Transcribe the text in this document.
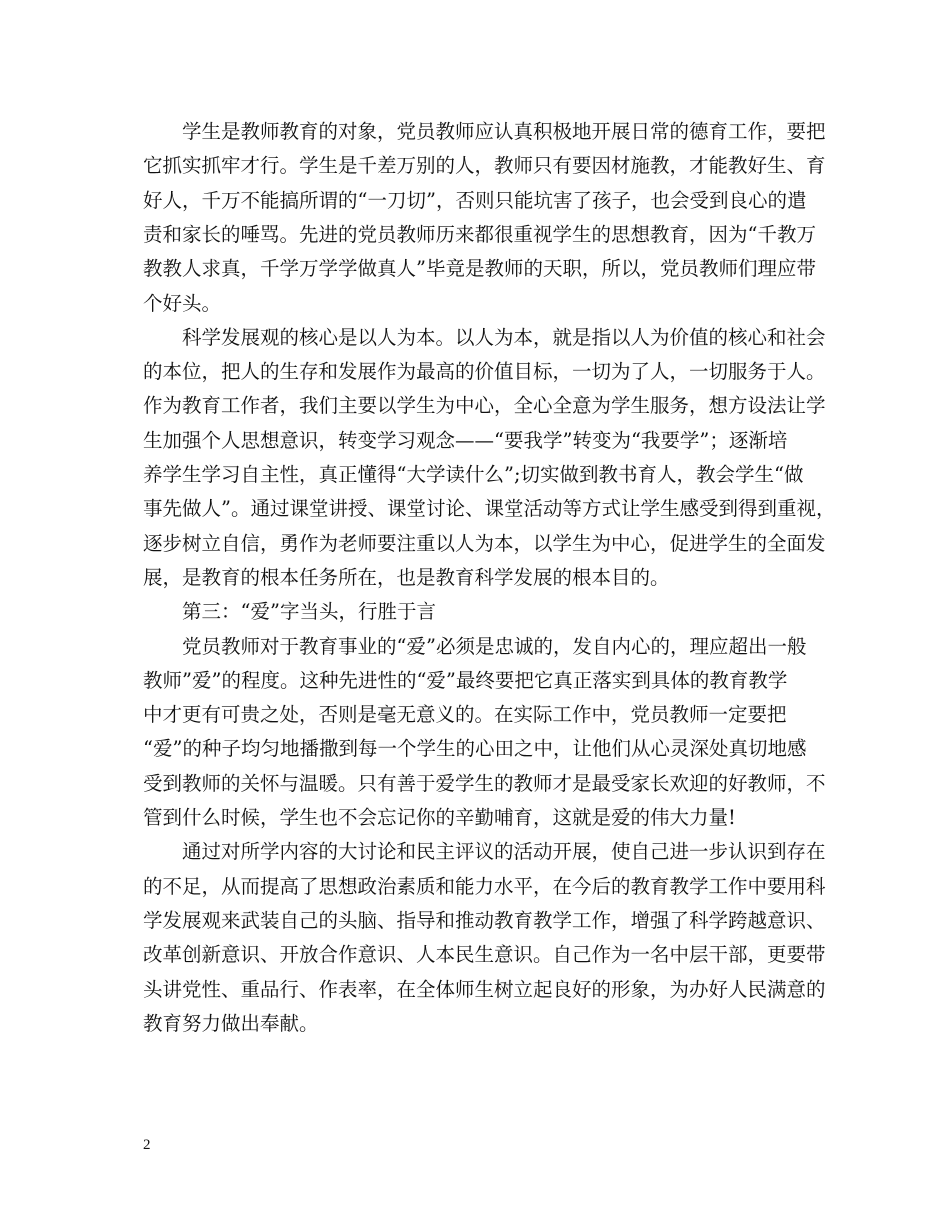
　　学生是教师教育的对象，党员教师应认真积极地开展日常的德育工作，要把
它抓实抓牢才行。学生是千差万别的人，教师只有要因材施教，才能教好生、育
好人，千万不能搞所谓的“一刀切”，否则只能坑害了孩子，也会受到良心的遣
责和家长的唾骂。先进的党员教师历来都很重视学生的思想教育，因为“千教万
教教人求真，千学万学学做真人”毕竟是教师的天职，所以，党员教师们理应带
个好头。
　　科学发展观的核心是以人为本。以人为本，就是指以人为价值的核心和社会
的本位，把人的生存和发展作为最高的价值目标，一切为了人，一切服务于人。
作为教育工作者，我们主要以学生为中心，全心全意为学生服务，想方设法让学
生加强个人思想意识，转变学习观念——“要我学”转变为“我要学”；逐渐培
养学生学习自主性，真正懂得“大学读什么”;切实做到教书育人，教会学生“做
事先做人”。通过课堂讲授、课堂讨论、课堂活动等方式让学生感受到得到重视，
逐步树立自信，勇作为老师要注重以人为本，以学生为中心，促进学生的全面发
展，是教育的根本任务所在，也是教育科学发展的根本目的。
　　第三：“爱”字当头，行胜于言
　　党员教师对于教育事业的“爱”必须是忠诚的，发自内心的，理应超出一般
教师”爱”的程度。这种先进性的“爱”最终要把它真正落实到具体的教育教学
中才更有可贵之处，否则是毫无意义的。在实际工作中，党员教师一定要把
“爱”的种子均匀地播撒到每一个学生的心田之中，让他们从心灵深处真切地感
受到教师的关怀与温暖。只有善于爱学生的教师才是最受家长欢迎的好教师，不
管到什么时候，学生也不会忘记你的辛勤哺育，这就是爱的伟大力量!
　　通过对所学内容的大讨论和民主评议的活动开展，使自己进一步认识到存在
的不足，从而提高了思想政治素质和能力水平，在今后的教育教学工作中要用科
学发展观来武装自己的头脑、指导和推动教育教学工作，增强了科学跨越意识、
改革创新意识、开放合作意识、人本民生意识。自己作为一名中层干部，更要带
头讲党性、重品行、作表率，在全体师生树立起良好的形象，为办好人民满意的
教育努力做出奉献。
2
